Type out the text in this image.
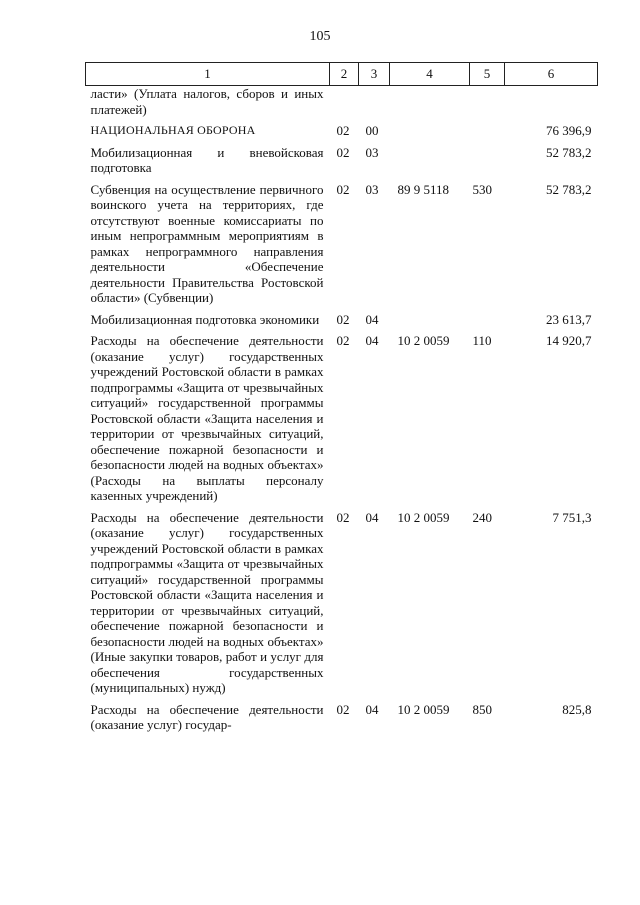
105
1	2	3	4	5	6
ласти» (Уплата налогов, сборов и иных платежей)					
НАЦИОНАЛЬНАЯ ОБОРОНА	02	00			76 396,9
Мобилизационная и вневойсковая подготовка	02	03			52 783,2
Субвенция на осуществление первичного воинского учета на территориях, где отсутствуют военные комиссариаты по иным непрограммным мероприятиям в рамках непрограммного направления деятельности «Обеспечение деятельности Правительства Ростовской области» (Субвенции)	02	03	89 9 5118	530	52 783,2
Мобилизационная подготовка экономики	02	04			23 613,7
Расходы на обеспечение деятельности (оказание услуг) государственных учреждений Ростовской области в рамках подпрограммы «Защита от чрезвычайных ситуаций» государственной программы Ростовской области «Защита населения и территории от чрезвычайных ситуаций, обеспечение пожарной безопасности и безопасности людей на водных объектах» (Расходы на выплаты персоналу казенных учреждений)	02	04	10 2 0059	110	14 920,7
Расходы на обеспечение деятельности (оказание услуг) государственных учреждений Ростовской области в рамках подпрограммы «Защита от чрезвычайных ситуаций» государственной программы Ростовской области «Защита населения и территории от чрезвычайных ситуаций, обеспечение пожарной безопасности и безопасности людей на водных объектах» (Иные закупки товаров, работ и услуг для обеспечения государственных (муниципальных) нужд)	02	04	10 2 0059	240	7 751,3
Расходы на обеспечение деятельности (оказание услуг) государ-	02	04	10 2 0059	850	825,8
